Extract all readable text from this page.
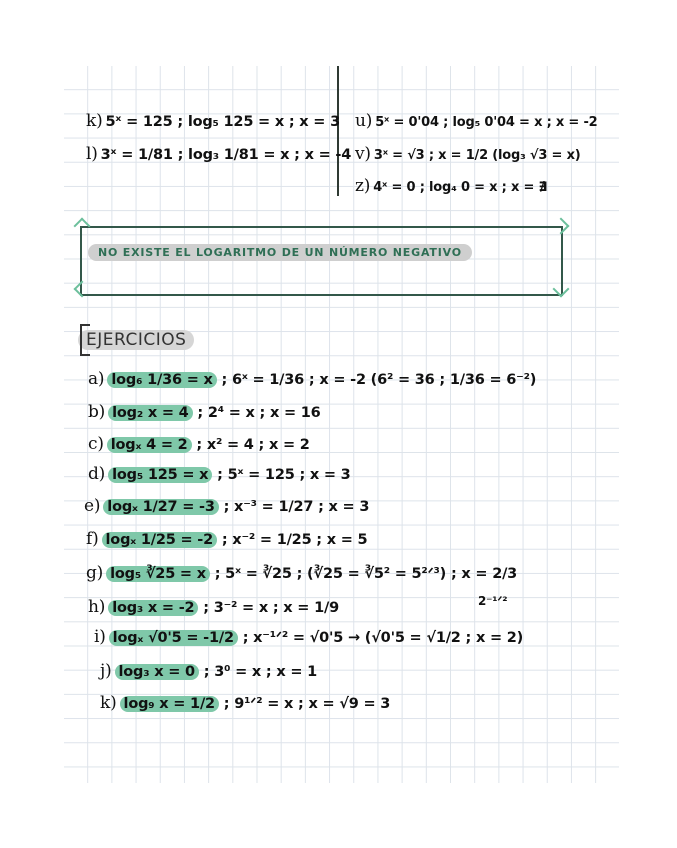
k) 5ˣ = 125 ; log₅ 125 = x ; x = 3
l) 3ˣ = 1/81 ; log₃ 1/81 = x ; x = -4
u) 5ˣ = 0'04 ; log₅ 0'04 = x ; x = -2
v) 3ˣ = √3 ; x = 1/2 (log₃ √3 = x)
z) 4ˣ = 0 ; log₄ 0 = x ; x = ∄
NO EXISTE EL LOGARITMO DE UN NÚMERO NEGATIVO
EJERCICIOS
a) log₆ 1/36 = x ; 6ˣ = 1/36 ; x = -2 (6² = 36 ; 1/36 = 6⁻²)
b) log₂ x = 4 ; 2⁴ = x ; x = 16
c) logₓ 4 = 2 ; x² = 4 ; x = 2
d) log₅ 125 = x ; 5ˣ = 125 ; x = 3
e) logₓ 1/27 = -3 ; x⁻³ = 1/27 ; x = 3
f) logₓ 1/25 = -2 ; x⁻² = 1/25 ; x = 5
g) log₅ ∛25 = x ; 5ˣ = ∛25 ; (∛25 = ∛5² = 5²ᐟ³) ; x = 2/3
h) log₃ x = -2 ; 3⁻² = x ; x = 1/9	2⁻¹ᐟ²
i) logₓ √0'5 = -1/2 ; x⁻¹ᐟ² = √0'5 → (√0'5 = √1/2 ; x = 2)
j) log₃ x = 0 ; 3⁰ = x ; x = 1
k) log₉ x = 1/2 ; 9¹ᐟ² = x ; x = √9 = 3
